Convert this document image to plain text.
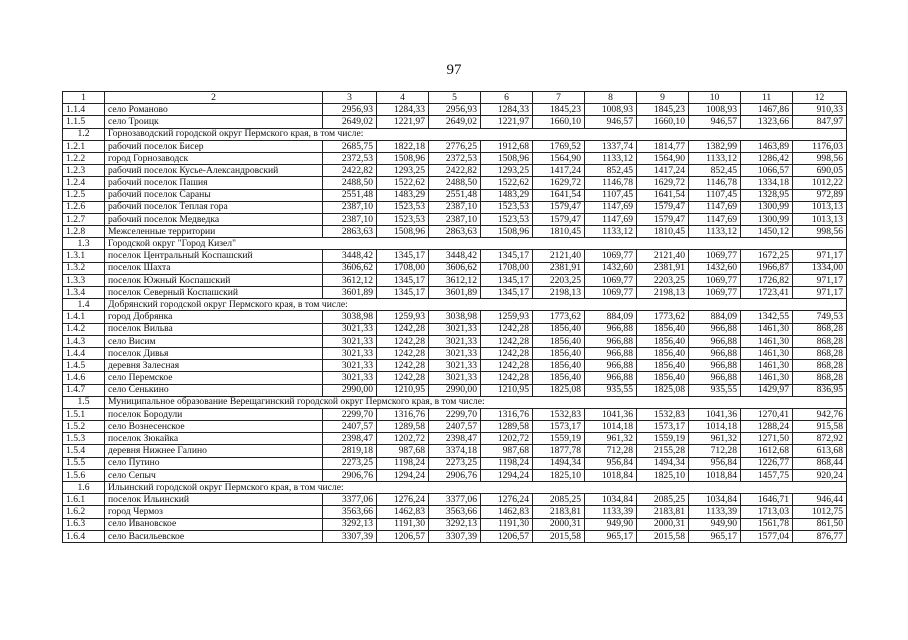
97
1	2	3	4	5	6	7	8	9	10	11	12
1.1.4	село Романово	2956,93	1284,33	2956,93	1284,33	1845,23	1008,93	1845,23	1008,93	1467,86	910,33
1.1.5	село Троицк	2649,02	1221,97	2649,02	1221,97	1660,10	946,57	1660,10	946,57	1323,66	847,97
1.2	Горнозаводский городской округ Пермского края, в том числе:										
1.2.1	рабочий поселок Бисер	2685,75	1822,18	2776,25	1912,68	1769,52	1337,74	1814,77	1382,99	1463,89	1176,03
1.2.2	город Горнозаводск	2372,53	1508,96	2372,53	1508,96	1564,90	1133,12	1564,90	1133,12	1286,42	998,56
1.2.3	рабочий поселок Кусье-Александровский	2422,82	1293,25	2422,82	1293,25	1417,24	852,45	1417,24	852,45	1066,57	690,05
1.2.4	рабочий поселок Пашия	2488,50	1522,62	2488,50	1522,62	1629,72	1146,78	1629,72	1146,78	1334,18	1012,22
1.2.5	рабочий поселок Сараны	2551,48	1483,29	2551,48	1483,29	1641,54	1107,45	1641,54	1107,45	1328,95	972,89
1.2.6	рабочий поселок Теплая гора	2387,10	1523,53	2387,10	1523,53	1579,47	1147,69	1579,47	1147,69	1300,99	1013,13
1.2.7	рабочий поселок Медведка	2387,10	1523,53	2387,10	1523,53	1579,47	1147,69	1579,47	1147,69	1300,99	1013,13
1.2.8	Межселенные территории	2863,63	1508,96	2863,63	1508,96	1810,45	1133,12	1810,45	1133,12	1450,12	998,56
1.3	Городской округ "Город Кизел"										
1.3.1	поселок Центральный Коспашский	3448,42	1345,17	3448,42	1345,17	2121,40	1069,77	2121,40	1069,77	1672,25	971,17
1.3.2	поселок Шахта	3606,62	1708,00	3606,62	1708,00	2381,91	1432,60	2381,91	1432,60	1966,87	1334,00
1.3.3	поселок Южный Коспашский	3612,12	1345,17	3612,12	1345,17	2203,25	1069,77	2203,25	1069,77	1726,82	971,17
1.3.4	поселок Северный Коспашский	3601,89	1345,17	3601,89	1345,17	2198,13	1069,77	2198,13	1069,77	1723,41	971,17
1.4	Добрянский городской округ Пермского края, в том числе:										
1.4.1	город Добрянка	3038,98	1259,93	3038,98	1259,93	1773,62	884,09	1773,62	884,09	1342,55	749,53
1.4.2	поселок Вильва	3021,33	1242,28	3021,33	1242,28	1856,40	966,88	1856,40	966,88	1461,30	868,28
1.4.3	село Висим	3021,33	1242,28	3021,33	1242,28	1856,40	966,88	1856,40	966,88	1461,30	868,28
1.4.4	поселок Дивья	3021,33	1242,28	3021,33	1242,28	1856,40	966,88	1856,40	966,88	1461,30	868,28
1.4.5	деревня Залесная	3021,33	1242,28	3021,33	1242,28	1856,40	966,88	1856,40	966,88	1461,30	868,28
1.4.6	село Перемское	3021,33	1242,28	3021,33	1242,28	1856,40	966,88	1856,40	966,88	1461,30	868,28
1.4.7	село Сенькино	2990,00	1210,95	2990,00	1210,95	1825,08	935,55	1825,08	935,55	1429,97	836,95
1.5	Муниципальное образование Верещагинский городской округ Пермского края, в том числе:										
1.5.1	поселок Бородули	2299,70	1316,76	2299,70	1316,76	1532,83	1041,36	1532,83	1041,36	1270,41	942,76
1.5.2	село Вознесенское	2407,57	1289,58	2407,57	1289,58	1573,17	1014,18	1573,17	1014,18	1288,24	915,58
1.5.3	поселок Зюкайка	2398,47	1202,72	2398,47	1202,72	1559,19	961,32	1559,19	961,32	1271,50	872,92
1.5.4	деревня Нижнее Галино	2819,18	987,68	3374,18	987,68	1877,78	712,28	2155,28	712,28	1612,68	613,68
1.5.5	село Путино	2273,25	1198,24	2273,25	1198,24	1494,34	956,84	1494,34	956,84	1226,77	868,44
1.5.6	село Сепыч	2906,76	1294,24	2906,76	1294,24	1825,10	1018,84	1825,10	1018,84	1457,75	920,24
1.6	Ильинский городской округ Пермского края, в том числе:										
1.6.1	поселок Ильинский	3377,06	1276,24	3377,06	1276,24	2085,25	1034,84	2085,25	1034,84	1646,71	946,44
1.6.2	город Чермоз	3563,66	1462,83	3563,66	1462,83	2183,81	1133,39	2183,81	1133,39	1713,03	1012,75
1.6.3	село Ивановское	3292,13	1191,30	3292,13	1191,30	2000,31	949,90	2000,31	949,90	1561,78	861,50
1.6.4	село Васильевское	3307,39	1206,57	3307,39	1206,57	2015,58	965,17	2015,58	965,17	1577,04	876,77
